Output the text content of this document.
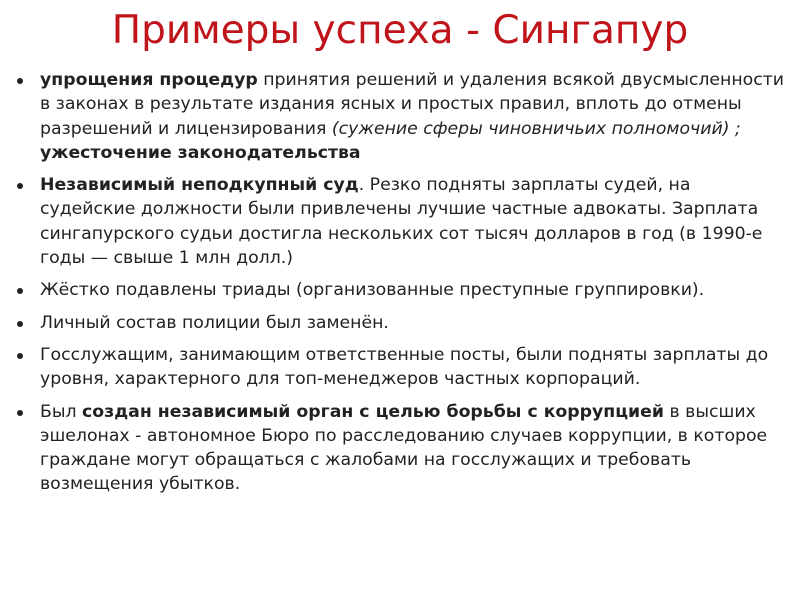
Примеры успеха - Сингапур
упрощения процедур принятия решений и удаления всякой двусмысленности в законах в результате издания ясных и простых правил, вплоть до отмены разрешений и лицензирования (сужение сферы чиновничьих полномочий) ; ужесточение законодательства
Независимый неподкупный суд. Резко подняты зарплаты судей, на судейские должности были привлечены лучшие частные адвокаты. Зарплата сингапурского судьи достигла нескольких сот тысяч долларов в год (в 1990-е годы — свыше 1 млн долл.)
Жёстко подавлены триады (организованные преступные группировки).
Личный состав полиции был заменён.
Госслужащим, занимающим ответственные посты, были подняты зарплаты до уровня, характерного для топ-менеджеров частных корпораций.
Был создан независимый орган с целью борьбы с коррупцией в высших эшелонах - автономное Бюро по расследованию случаев коррупции, в которое граждане могут обращаться с жалобами на госслужащих и требовать возмещения убытков.
